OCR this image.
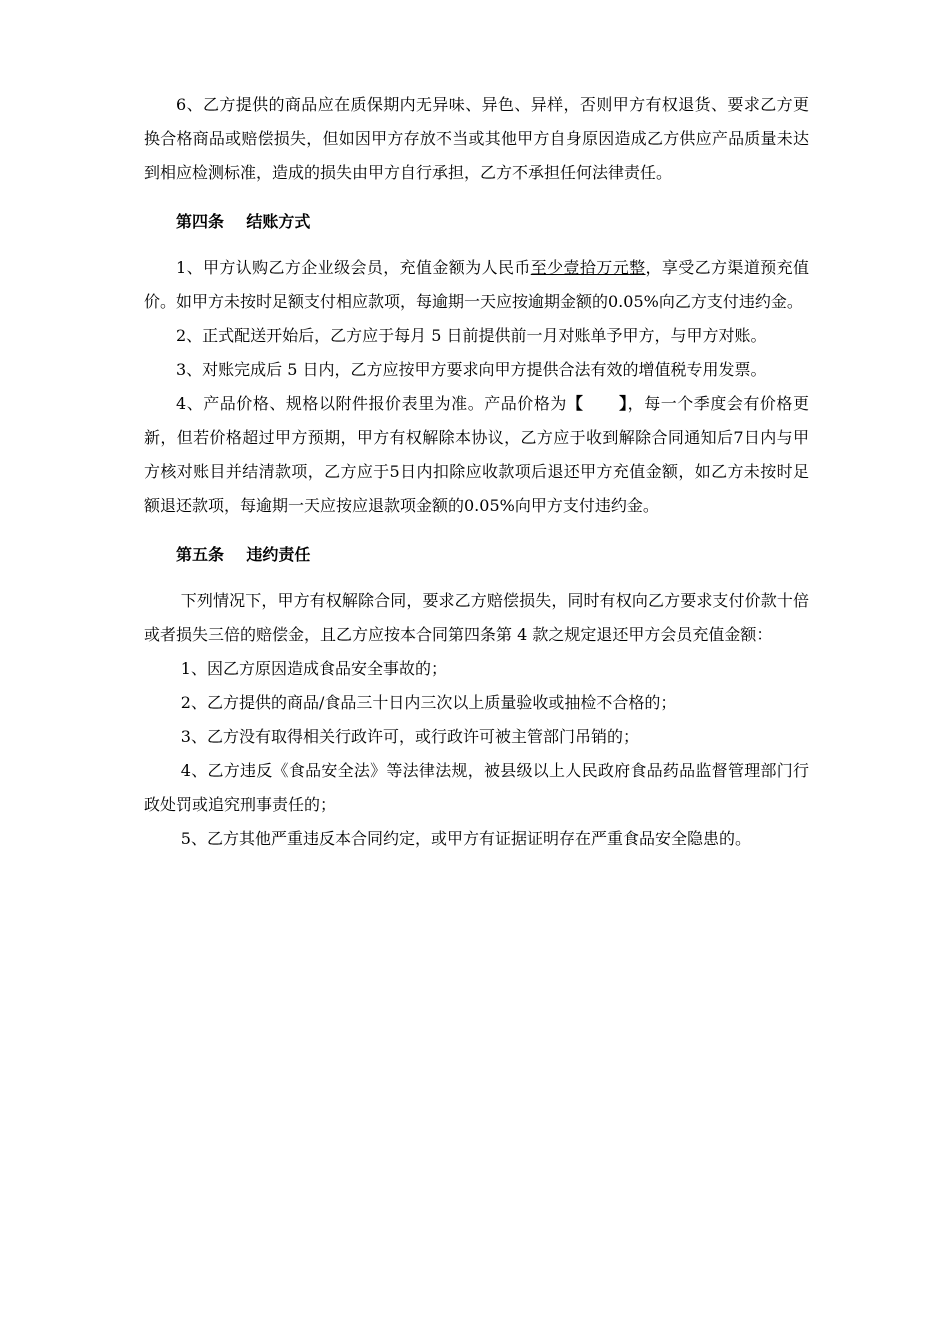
6、乙方提供的商品应在质保期内无异味、异色、异样，否则甲方有权退货、要求乙方更换合格商品或赔偿损失，但如因甲方存放不当或其他甲方自身原因造成乙方供应产品质量未达到相应检测标准，造成的损失由甲方自行承担，乙方不承担任何法律责任。

第四条 结账方式

1、甲方认购乙方企业级会员，充值金额为人民币至少壹拾万元整，享受乙方渠道预充值价。如甲方未按时足额支付相应款项，每逾期一天应按逾期金额的0.05%向乙方支付违约金。

2、正式配送开始后，乙方应于每月 5 日前提供前一月对账单予甲方，与甲方对账。

3、对账完成后 5 日内，乙方应按甲方要求向甲方提供合法有效的增值税专用发票。

4、产品价格、规格以附件报价表里为准。产品价格为【 】，每一个季度会有价格更新，但若价格超过甲方预期，甲方有权解除本协议，乙方应于收到解除合同通知后7日内与甲方核对账目并结清款项，乙方应于5日内扣除应收款项后退还甲方充值金额，如乙方未按时足额退还款项，每逾期一天应按应退款项金额的0.05%向甲方支付违约金。

第五条 违约责任

下列情况下，甲方有权解除合同，要求乙方赔偿损失，同时有权向乙方要求支付价款十倍或者损失三倍的赔偿金，且乙方应按本合同第四条第 4 款之规定退还甲方会员充值金额：

1、因乙方原因造成食品安全事故的；

2、乙方提供的商品/食品三十日内三次以上质量验收或抽检不合格的；

3、乙方没有取得相关行政许可，或行政许可被主管部门吊销的；

4、乙方违反《食品安全法》等法律法规，被县级以上人民政府食品药品监督管理部门行政处罚或追究刑事责任的；

5、乙方其他严重违反本合同约定，或甲方有证据证明存在严重食品安全隐患的。
